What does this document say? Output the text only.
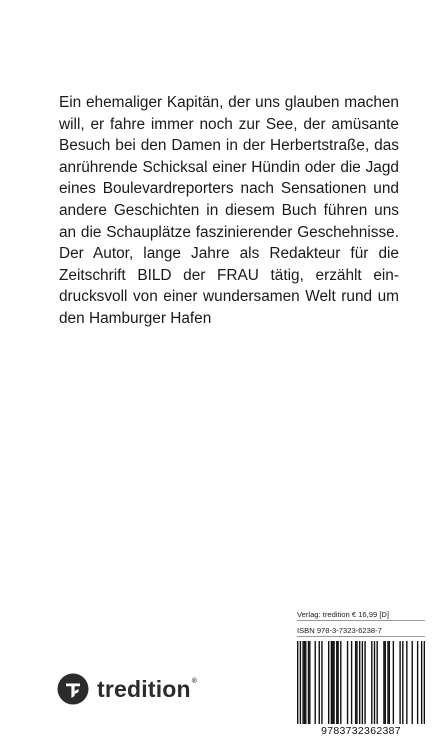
Ein ehemaliger Kapitän, der uns glauben machen
will, er fahre immer noch zur See, der amüsante
Besuch bei den Damen in der Herbertstraße, das
anrührende Schicksal einer Hündin oder die Jagd
eines Boulevardreporters nach Sensationen und
andere Geschichten in diesem Buch führen uns
an die Schauplätze faszinierender Geschehnisse.
Der Autor, lange Jahre als Redakteur für die
Zeitschrift BILD der FRAU tätig, erzählt ein-
drucksvoll von einer wundersamen Welt rund um
den Hamburger Hafen

Verlag: tredition € 16,99 [D]
ISBN 978-3-7323-6238-7
9783732362387
tredition®
